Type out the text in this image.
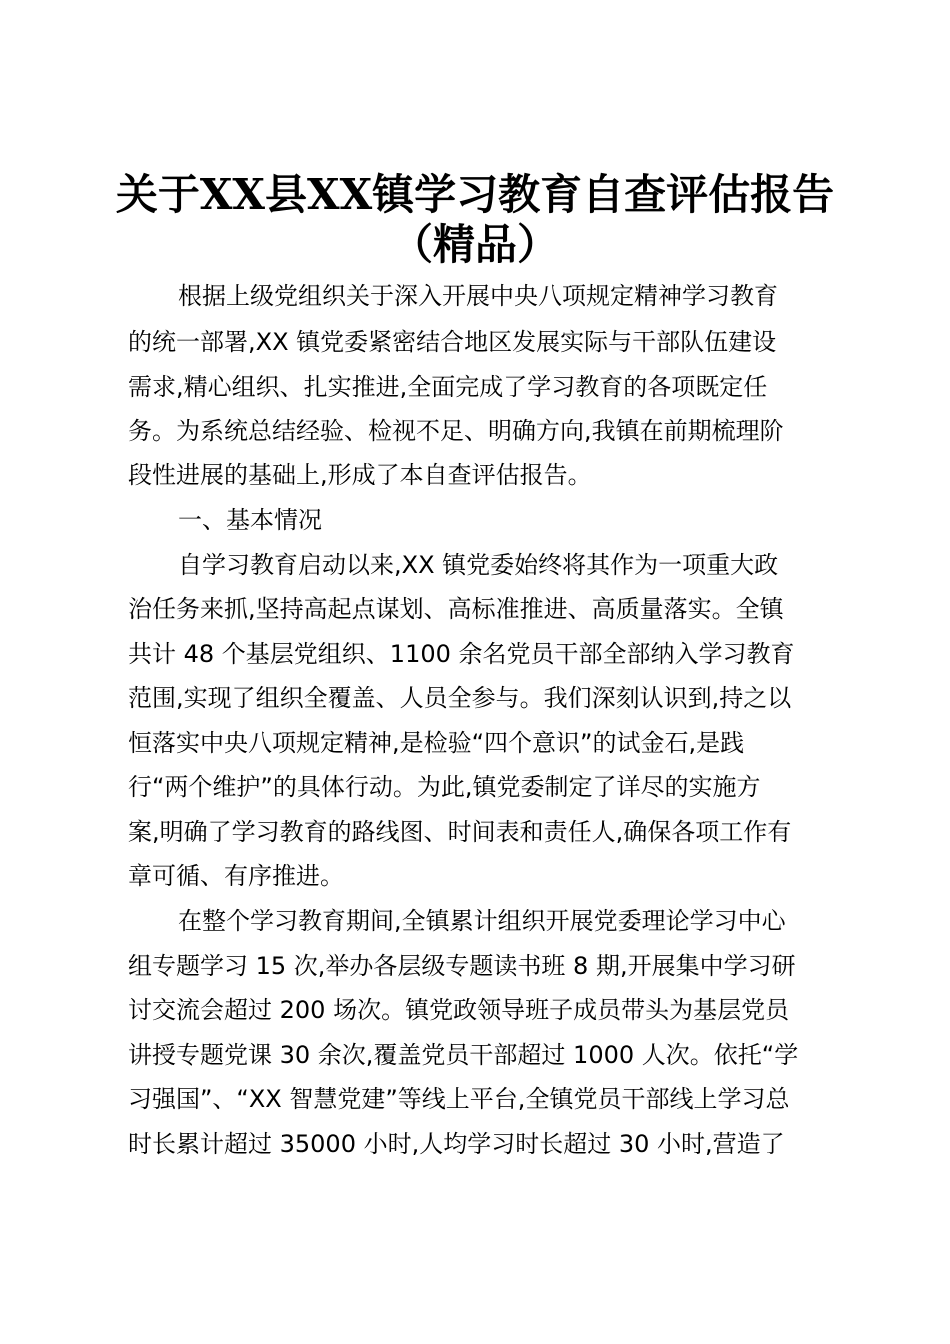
关于XX县XX镇学习教育自查评估报告
（精品）

根据上级党组织关于深入开展中央八项规定精神学习教育

的统一部署,XX 镇党委紧密结合地区发展实际与干部队伍建设

需求,精心组织、扎实推进,全面完成了学习教育的各项既定任

务。为系统总结经验、检视不足、明确方向,我镇在前期梳理阶

段性进展的基础上,形成了本自查评估报告。

一、基本情况

自学习教育启动以来,XX 镇党委始终将其作为一项重大政

治任务来抓,坚持高起点谋划、高标准推进、高质量落实。全镇

共计 48 个基层党组织、1100 余名党员干部全部纳入学习教育

范围,实现了组织全覆盖、人员全参与。我们深刻认识到,持之以

恒落实中央八项规定精神,是检验“四个意识”的试金石,是践

行“两个维护”的具体行动。为此,镇党委制定了详尽的实施方

案,明确了学习教育的路线图、时间表和责任人,确保各项工作有

章可循、有序推进。

在整个学习教育期间,全镇累计组织开展党委理论学习中心

组专题学习 15 次,举办各层级专题读书班 8 期,开展集中学习研

讨交流会超过 200 场次。镇党政领导班子成员带头为基层党员

讲授专题党课 30 余次,覆盖党员干部超过 1000 人次。依托“学

习强国”、“XX 智慧党建”等线上平台,全镇党员干部线上学习总

时长累计超过 35000 小时,人均学习时长超过 30 小时,营造了
